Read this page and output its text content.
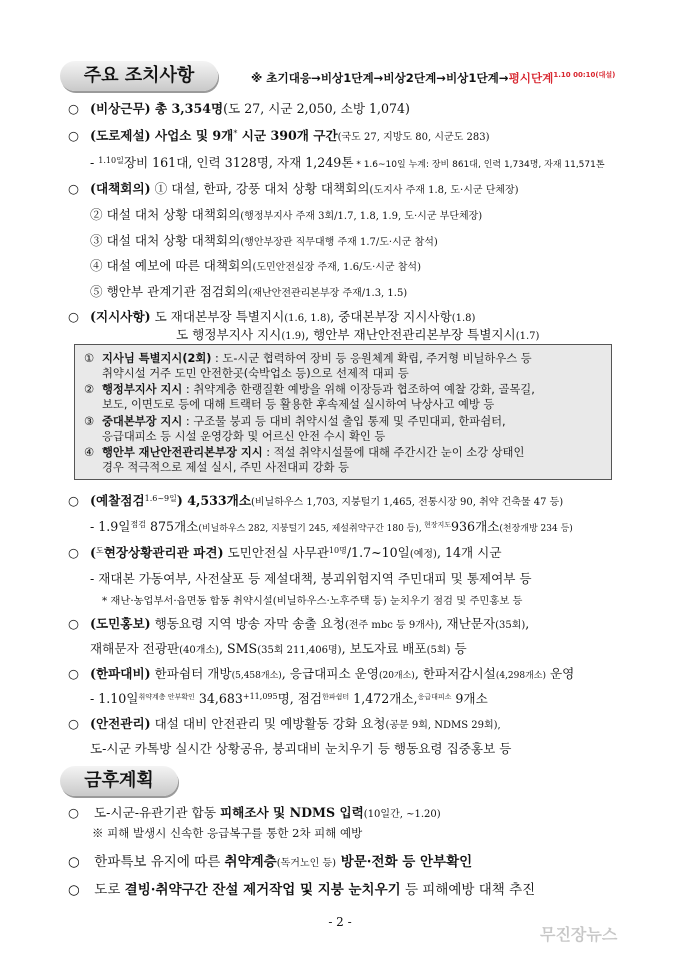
주요 조치사항	※ 초기대응→비상1단계→비상2단계→비상1단계→평시단계$^{1.10 00:10(대설)}$
○ (비상근무) 총 3,354명(도 27, 시군 2,050, 소방 1,074)
○ (도로제설) 사업소 및 9개* 시군 390개 구간(국도 27, 지방도 80, 시군도 283)
- $^{1.10일}$장비 161대, 인력 3128명, 자재 1,249톤 * 1.6~10일 누계: 장비 861대, 인력 1,734명, 자재 11,571톤
○ (대책회의) ① 대설, 한파, 강풍 대처 상황 대책회의(도지사 주재 1.8, 도·시군 단체장)
② 대설 대처 상황 대책회의(행정부지사 주재 3회/1.7, 1.8, 1.9, 도·시군 부단체장)
③ 대설 대처 상황 대책회의(행안부장관 직무대행 주재 1.7/도·시군 참석)
④ 대설 예보에 따른 대책회의(도민안전실장 주재, 1.6/도·시군 참석)
⑤ 행안부 관계기관 점검회의(재난안전관리본부장 주재/1.3, 1.5)
○ (지시사항) 도 재대본부장 특별지시(1.6, 1.8), 중대본부장 지시사항(1.8)
도 행정부지사 지시(1.9), 행안부 재난안전관리본부장 특별지시(1.7)
① 지사님 특별지시(2회) : 도-시군 협력하여 장비 등 응원체계 확립, 주거형 비닐하우스 등
취약시설 거주 도민 안전한곳(숙박업소 등)으로 선제적 대피 등
② 행정부지사 지시 : 취약계층 한랭질환 예방을 위해 이장등과 협조하여 예찰 강화, 골목길,
보도, 이면도로 등에 대해 트랙터 등 활용한 후속제설 실시하여 낙상사고 예방 등
③ 중대본부장 지시 : 구조물 붕괴 등 대비 취약시설 출입 통제 및 주민대피, 한파쉼터,
응급대피소 등 시설 운영강화 및 어르신 안전 수시 확인 등
④ 행안부 재난안전관리본부장 지시 : 적설 취약시설물에 대해 주간시간 눈이 소강 상태인
경우 적극적으로 제설 실시, 주민 사전대피 강화 등
○ (예찰점검$^{1.6\sim 9일}$) 4,533개소(비닐하우스 1,703, 지붕털기 1,465, 전통시장 90, 취약 건축물 47 등)
- 1.9일$^{점검}$ 875개소(비닐하우스 282, 지붕털기 245, 제설취약구간 180 등), $^{현장지도}$936개소(천장개방 234 등)
○ ($^도$현장상황관리관 파견) 도민안전실 사무관$^{10명}$/1.7~10일(예정), 14개 시군
- 재대본 가동여부, 사전살포 등 제설대책, 붕괴위험지역 주민대피 및 통제여부 등
* 재난·농업부서·읍면동 합동 취약시설(비닐하우스·노후주택 등) 눈치우기 점검 및 주민홍보 등
○ (도민홍보) 행동요령 지역 방송 자막 송출 요청(전주 mbc 등 9개사), 재난문자(35회),
재해문자 전광판(40개소), SMS(35회 211,406명), 보도자료 배포(5회) 등
○ (한파대비) 한파쉼터 개방(5,458개소), 응급대피소 운영(20개소), 한파저감시설(4,298개소) 운영
- 1.10일$^{취약계층 안부확인}$ $34,683^{+11,095}$명, 점검$^{한파쉼터}$ 1,472개소,$^{응급대피소}$ 9개소
○ (안전관리) 대설 대비 안전관리 및 예방활동 강화 요청(공문 9회, NDMS 29회),
도-시군 카톡방 실시간 상황공유, 붕괴대비 눈치우기 등 행동요령 집중홍보 등
금후계획
○ 도-시군-유관기관 합동 피해조사 및 NDMS 입력(10일간, ~1.20)
※ 피해 발생시 신속한 응급복구를 통한 2차 피해 예방
○ 한파특보 유지에 따른 취약계층(독거노인 등) 방문·전화 등 안부확인
○ 도로 결빙·취약구간 잔설 제거작업 및 지붕 눈치우기 등 피해예방 대책 추진
- 2 -
무진장뉴스
